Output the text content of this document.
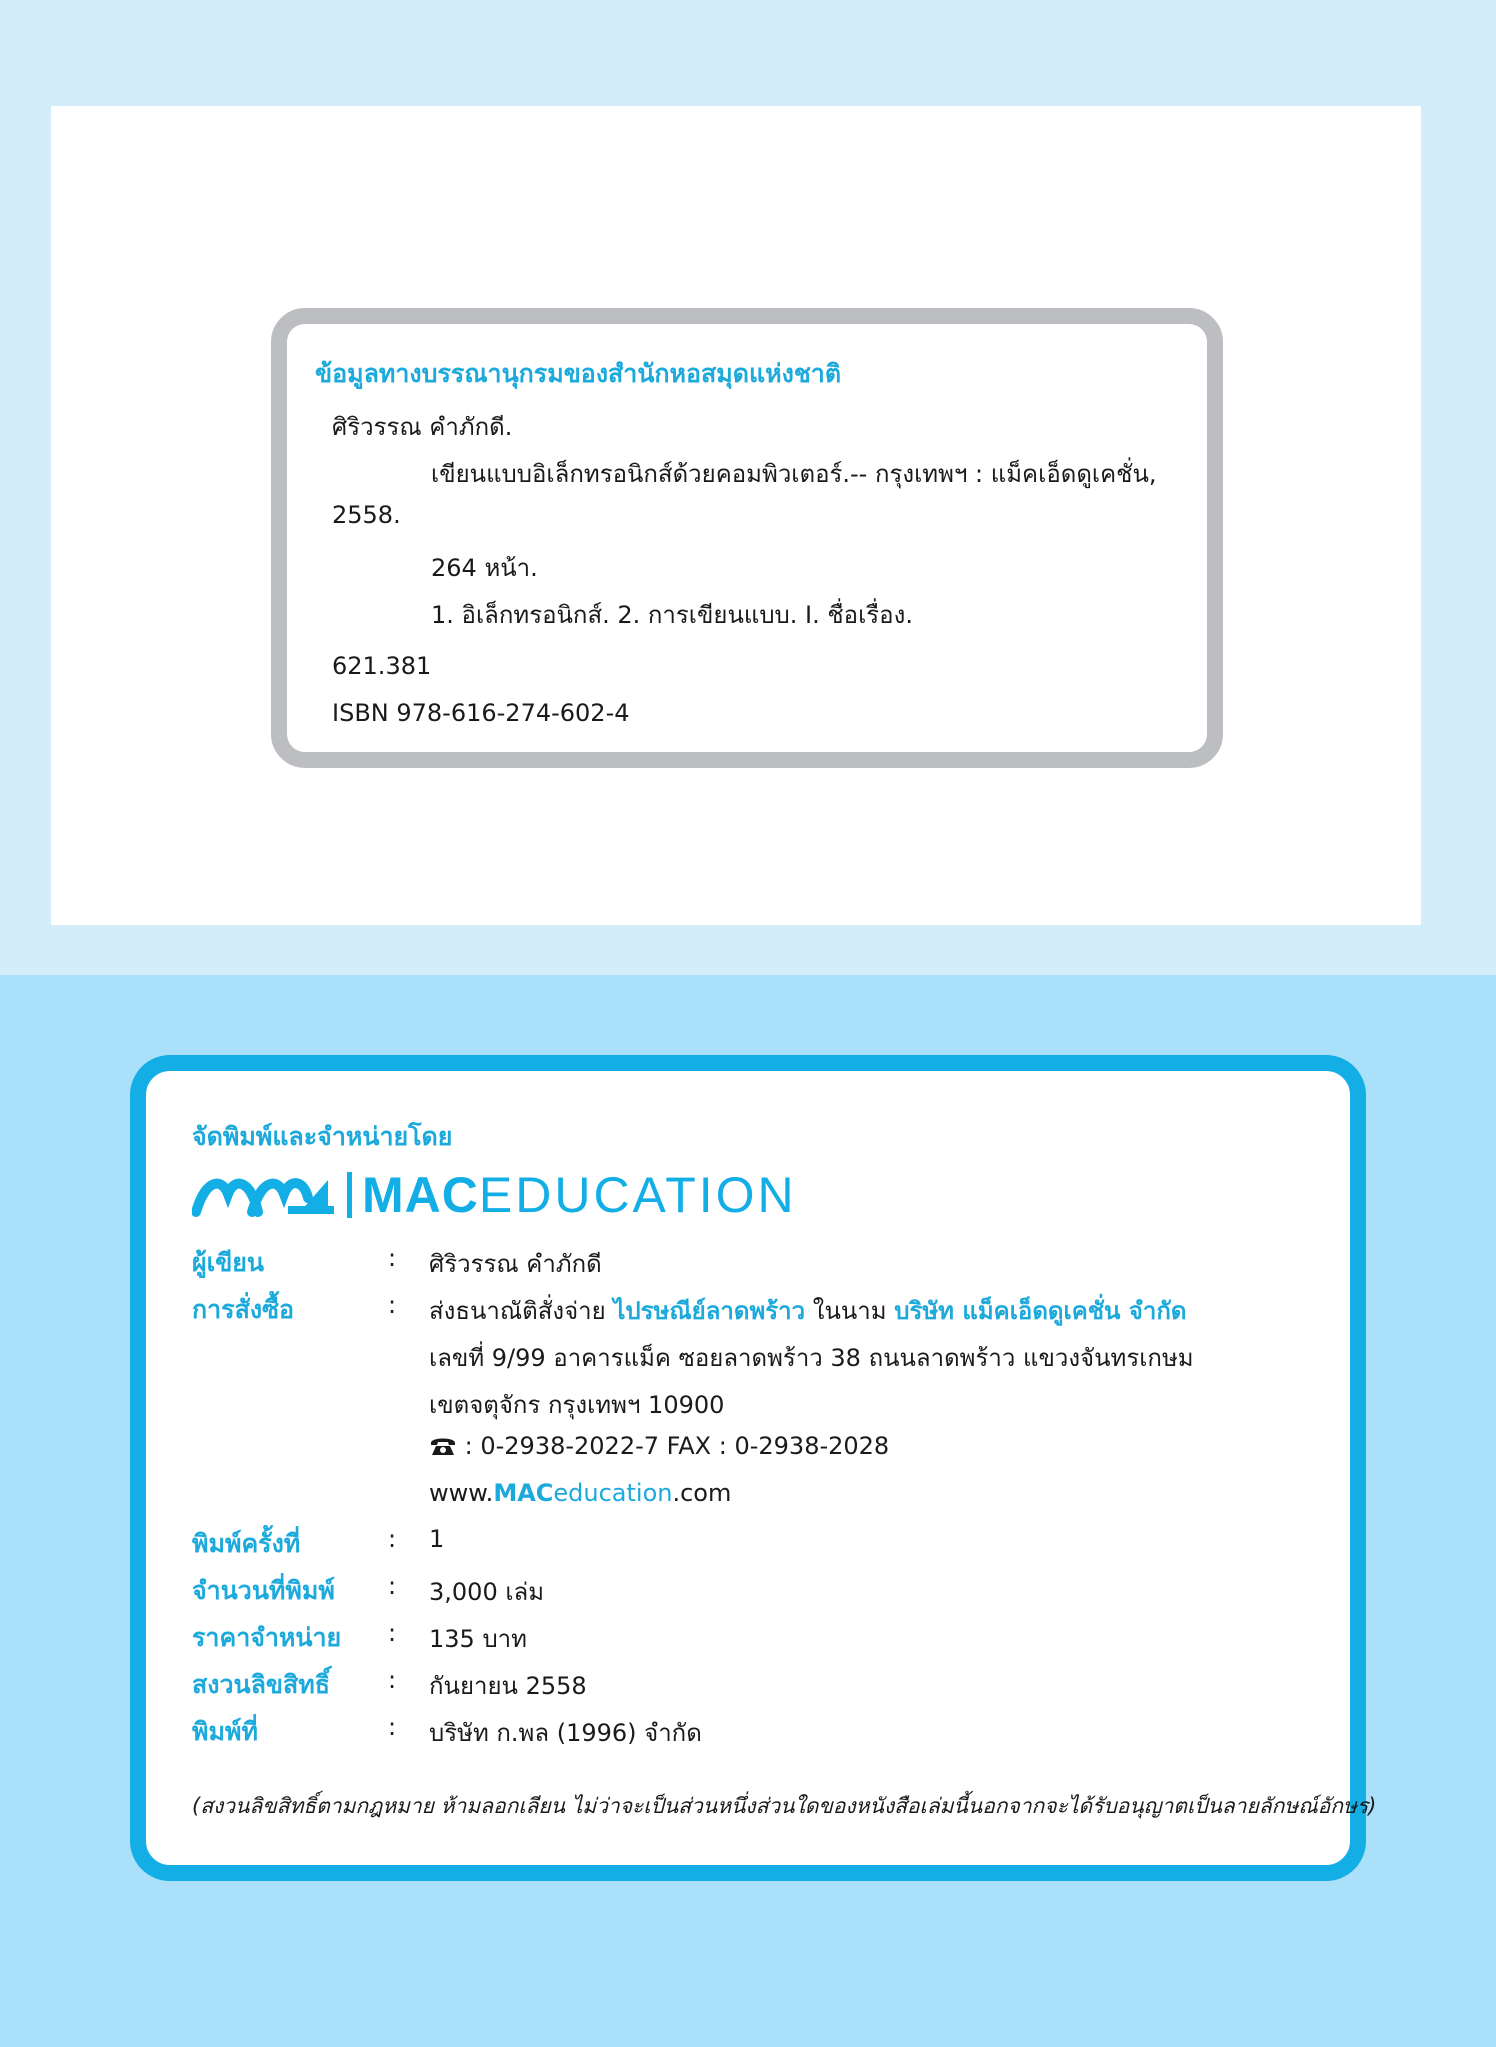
ข้อมูลทางบรรณานุกรมของสำนักหอสมุดแห่งชาติ
ศิริวรรณ คำภักดี.
เขียนแบบอิเล็กทรอนิกส์ด้วยคอมพิวเตอร์.-- กรุงเทพฯ : แม็คเอ็ดดูเคชั่น,
2558.
264 หน้า.
1. อิเล็กทรอนิกส์. 2. การเขียนแบบ. I. ชื่อเรื่อง.
621.381
ISBN 978-616-274-602-4
จัดพิมพ์และจำหน่ายโดย
MACEDUCATION
ผู้เขียน	: ศิริวรรณ คำภักดี
การสั่งซื้อ	: ส่งธนาณัติสั่งจ่าย ไปรษณีย์ลาดพร้าว ในนาม บริษัท แม็คเอ็ดดูเคชั่น จำกัด
เลขที่ 9/99 อาคารแม็ค ซอยลาดพร้าว 38 ถนนลาดพร้าว แขวงจันทรเกษม
เขตจตุจักร กรุงเทพฯ 10900
: 0-2938-2022-7 FAX : 0-2938-2028
www.MACeducation.com
พิมพ์ครั้งที่	: 1
จำนวนที่พิมพ์ : 3,000 เล่ม
ราคาจำหน่าย : 135 บาท
สงวนลิขสิทธิ์ : กันยายน 2558
พิมพ์ที่	: บริษัท ก.พล (1996) จำกัด
(สงวนลิขสิทธิ์ตามกฎหมาย ห้ามลอกเลียน ไม่ว่าจะเป็นส่วนหนึ่งส่วนใดของหนังสือเล่มนี้นอกจากจะได้รับอนุญาตเป็นลายลักษณ์อักษร)
